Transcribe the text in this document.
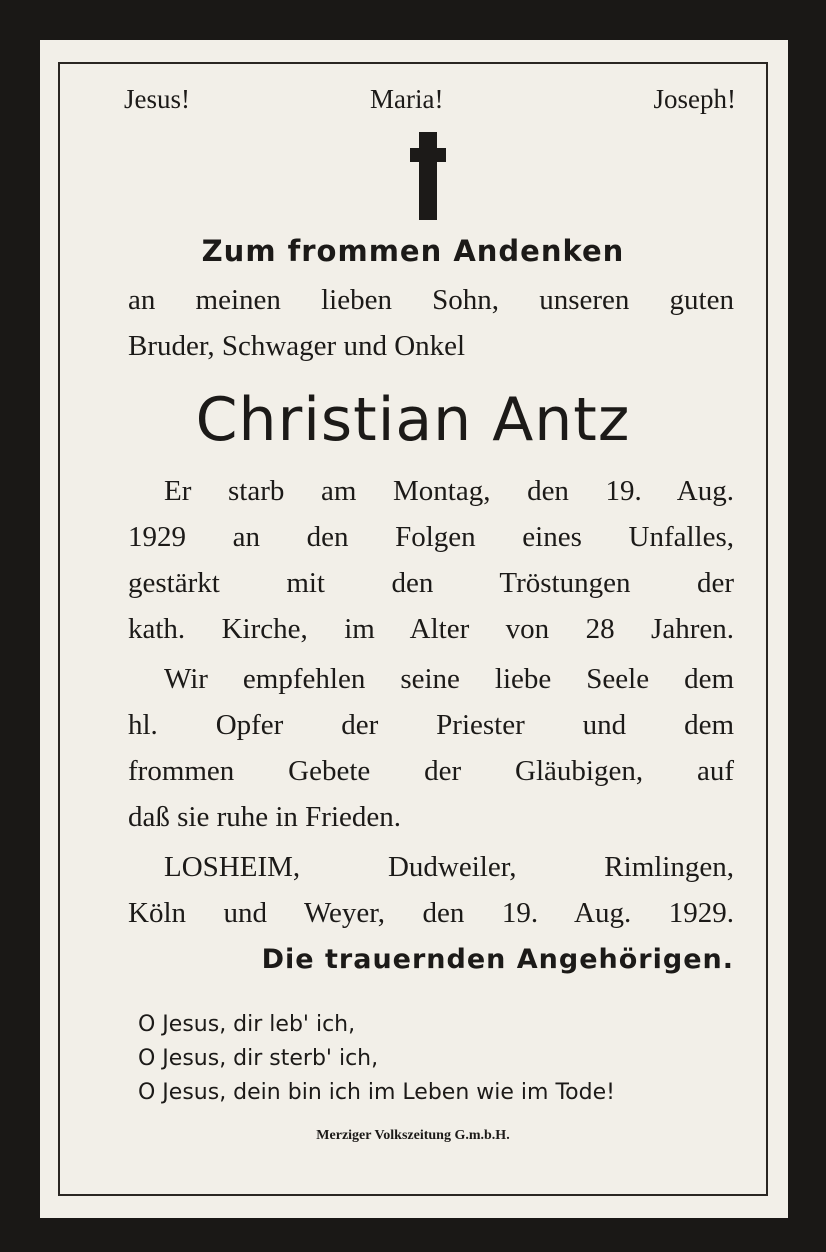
Jesus!	Maria!	Joseph!
Zum frommen Andenken
an meinen lieben Sohn, unseren guten
Bruder, Schwager und Onkel
Christian Antz
Er starb am Montag, den 19. Aug.
1929 an den Folgen eines Unfalles,
gestärkt mit den Tröstungen der
kath. Kirche, im Alter von 28 Jahren.
Wir empfehlen seine liebe Seele dem
hl. Opfer der Priester und dem
frommen Gebete der Gläubigen, auf
daß sie ruhe in Frieden.
LOSHEIM, Dudweiler, Rimlingen,
Köln und Weyer, den 19. Aug. 1929.
Die trauernden Angehörigen.
O Jesus, dir leb' ich,
O Jesus, dir sterb' ich,
O Jesus, dein bin ich im Leben wie im Tode!
Merziger Volkszeitung G.m.b.H.
